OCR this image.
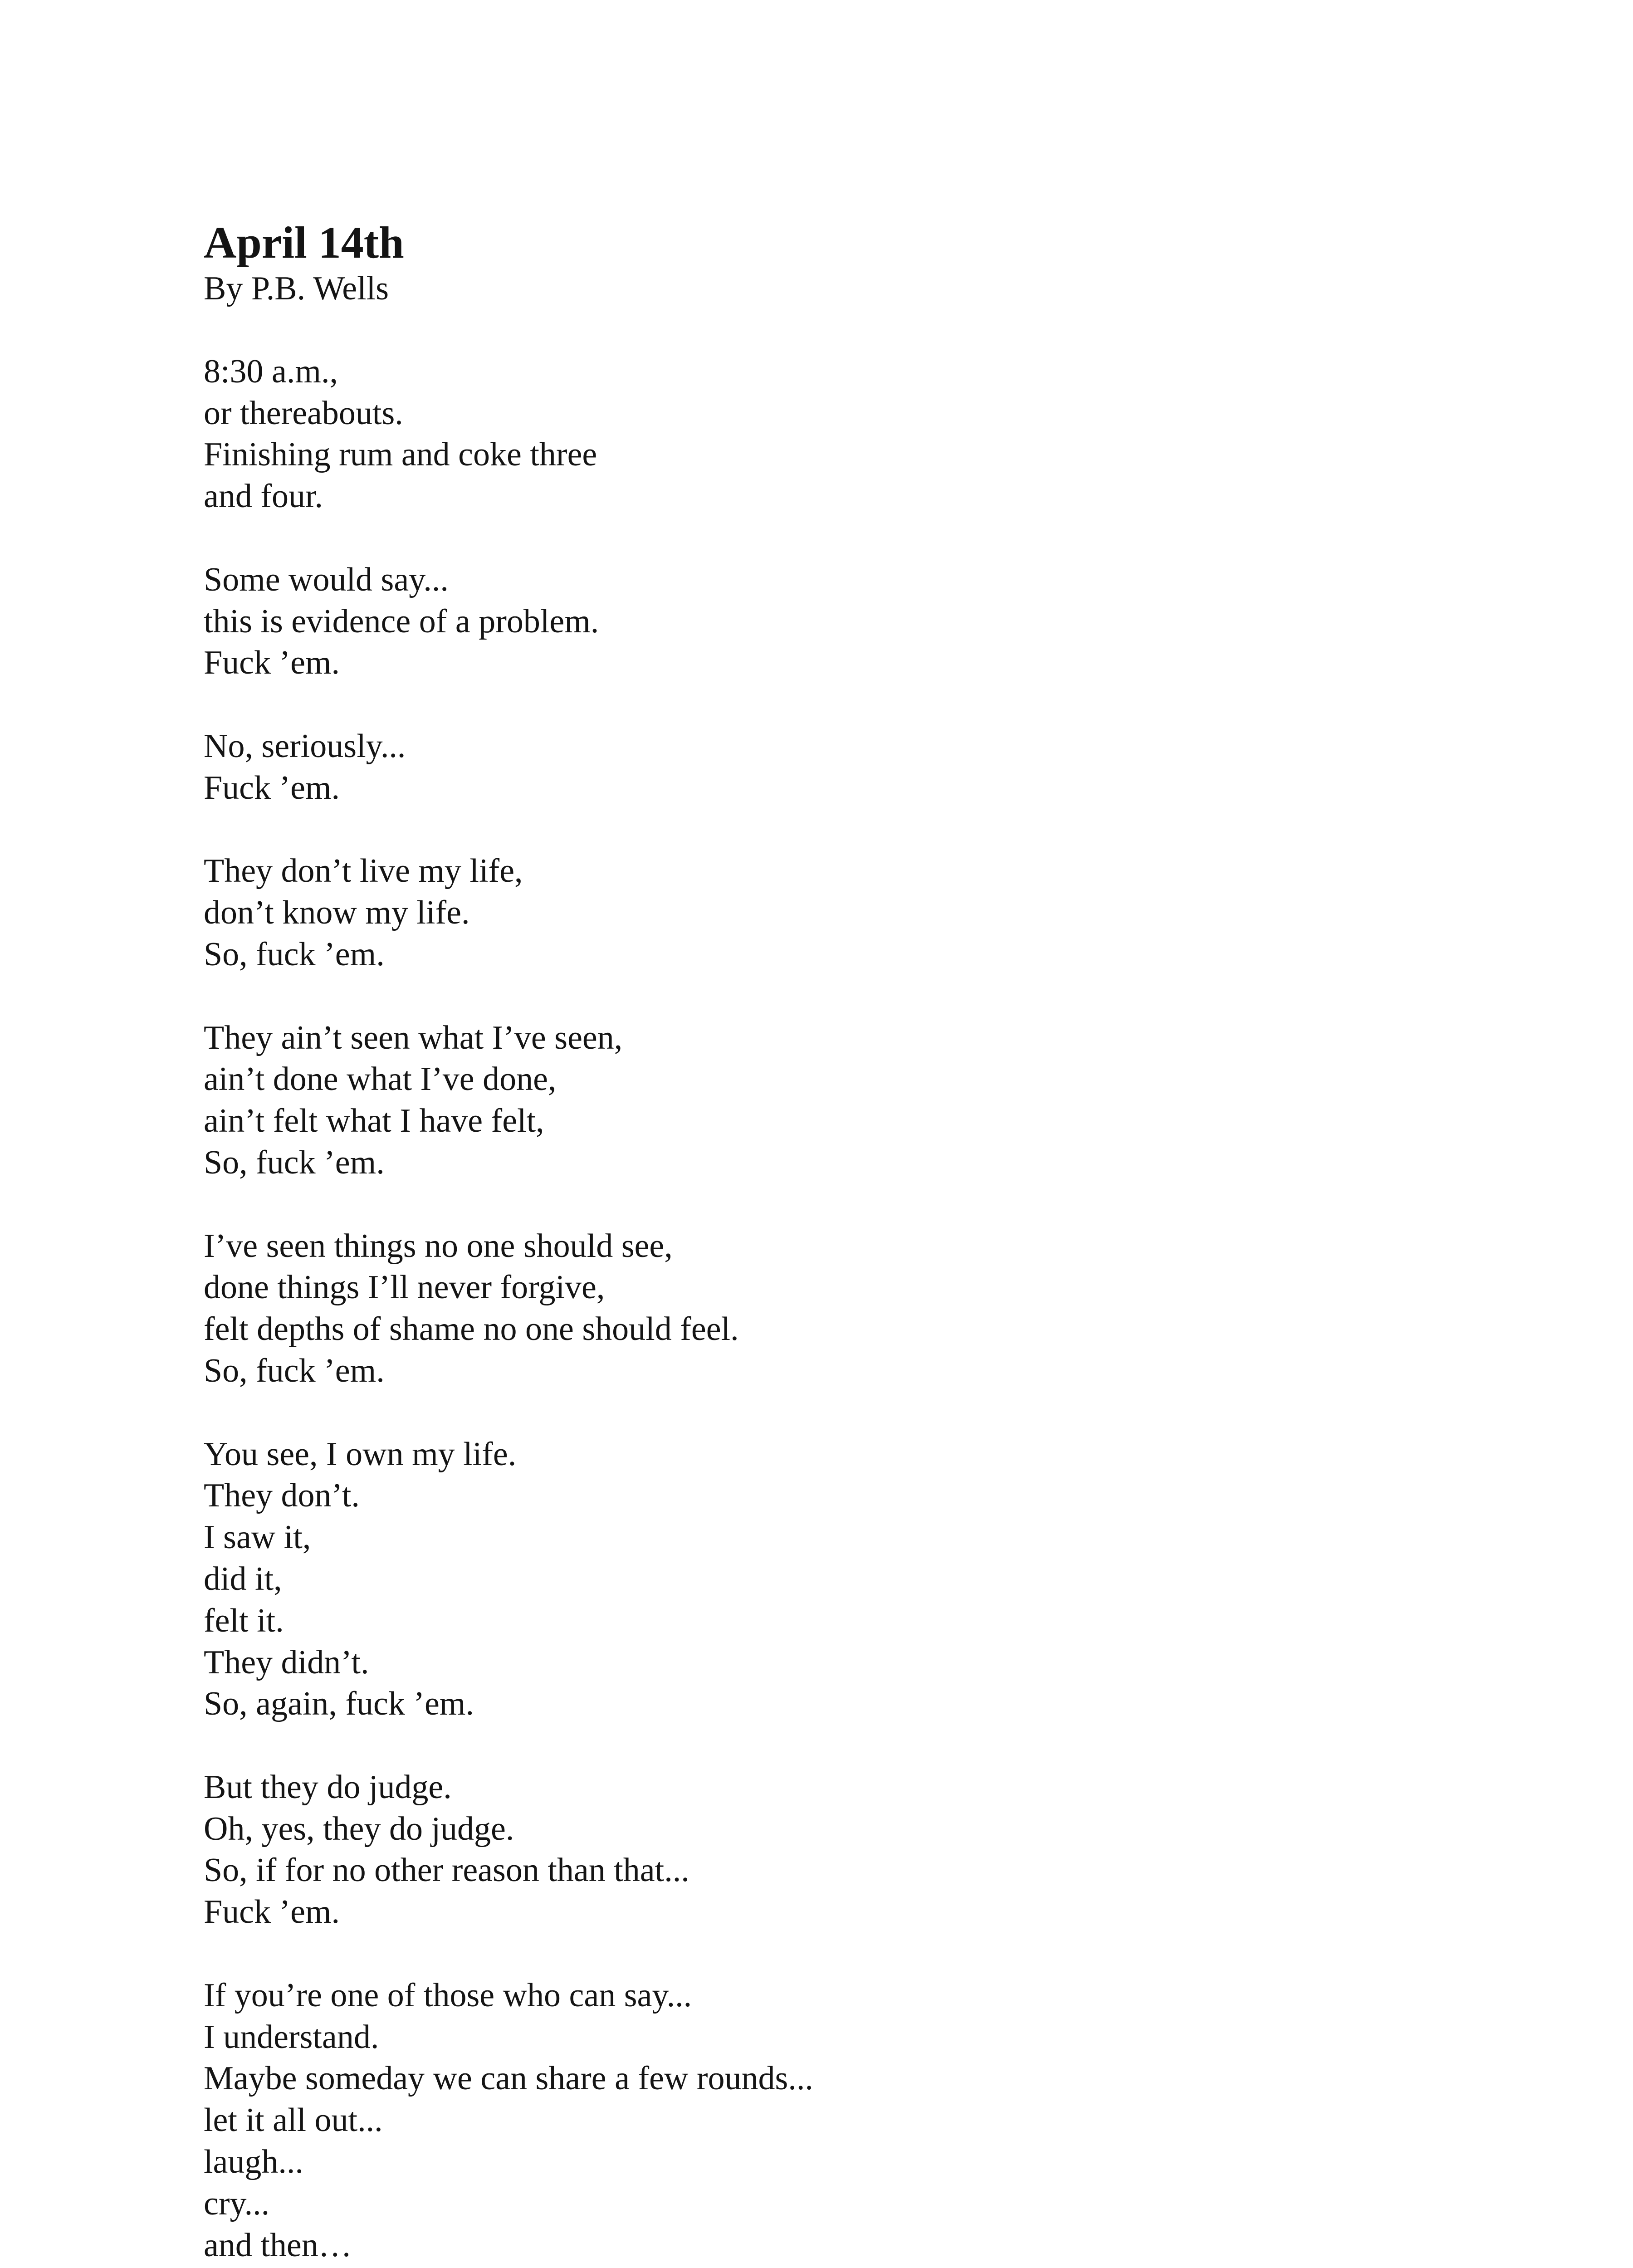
April 14th

By P.B. Wells

8:30 a.m.,
or thereabouts.
Finishing rum and coke three
and four.
Some would say...
this is evidence of a problem.
Fuck ’em.
No, seriously...
Fuck ’em.
They don’t live my life,
don’t know my life.
So, fuck ’em.
They ain’t seen what I’ve seen,
ain’t done what I’ve done,
ain’t felt what I have felt,
So, fuck ’em.
I’ve seen things no one should see,
done things I’ll never forgive,
felt depths of shame no one should feel.
So, fuck ’em.
You see, I own my life.
They don’t.
I saw it,
did it,
felt it.
They didn’t.
So, again, fuck ’em.
But they do judge.
Oh, yes, they do judge.
So, if for no other reason than that...
Fuck ’em.
If you’re one of those who can say...
I understand.
Maybe someday we can share a few rounds...
let it all out...
laugh...
cry...
and then…
